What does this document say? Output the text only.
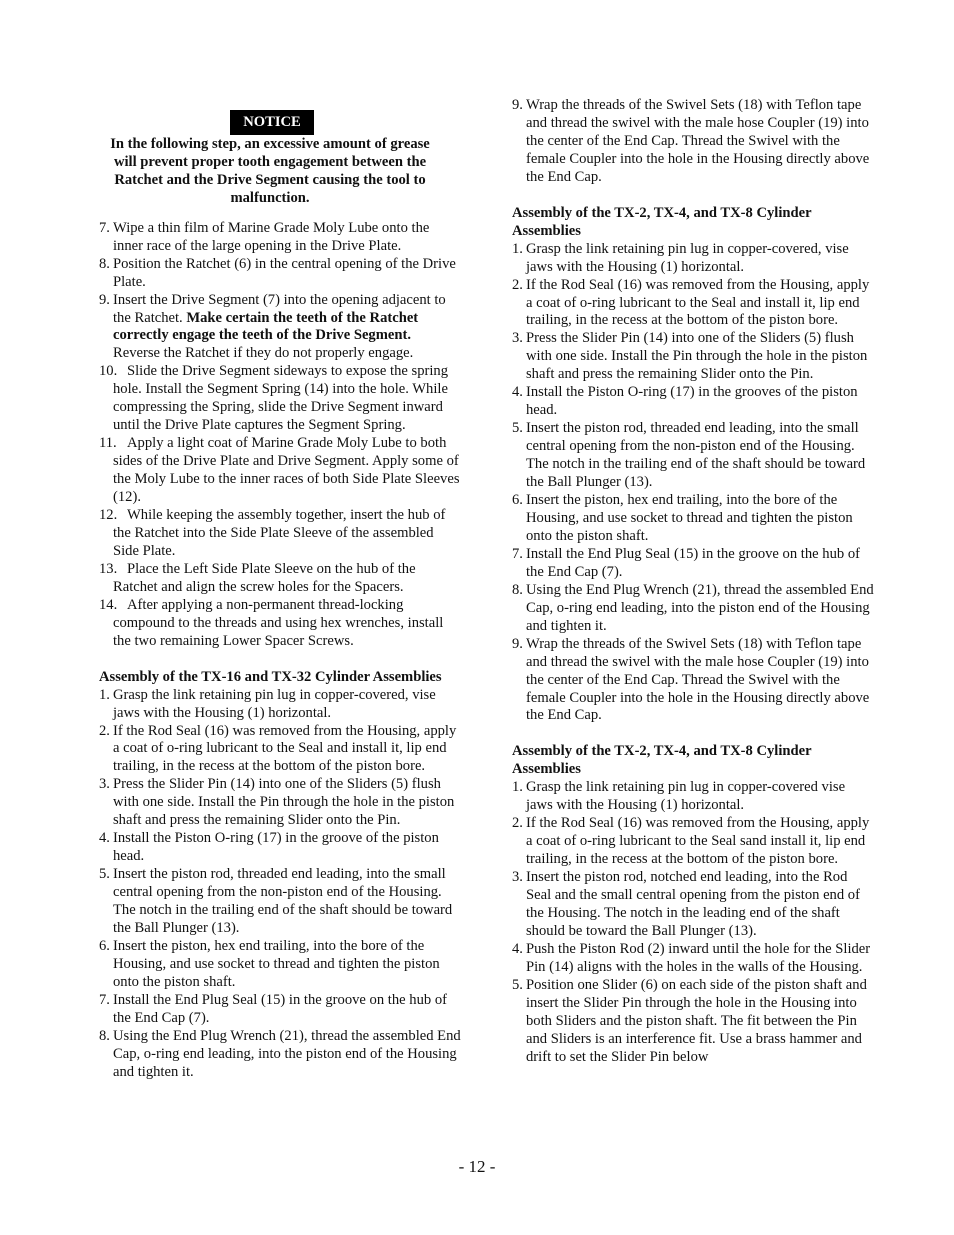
NOTICE

In the following step, an excessive amount of grease will prevent proper tooth engagement between the Ratchet and the Drive Segment causing the tool to malfunction.

7. Wipe a thin film of Marine Grade Moly Lube onto the inner race of the large opening in the Drive Plate.
8. Position the Ratchet (6) in the central opening of the Drive Plate.
9. Insert the Drive Segment (7) into the opening adjacent to the Ratchet. Make certain the teeth of the Ratchet correctly engage the teeth of the Drive Segment. Reverse the Ratchet if they do not properly engage.
10. Slide the Drive Segment sideways to expose the spring hole. Install the Segment Spring (14) into the hole. While compressing the Spring, slide the Drive Segment inward until the Drive Plate captures the Segment Spring.
11. Apply a light coat of Marine Grade Moly Lube to both sides of the Drive Plate and Drive Segment. Apply some of the Moly Lube to the inner races of both Side Plate Sleeves (12).
12. While keeping the assembly together, insert the hub of the Ratchet into the Side Plate Sleeve of the assembled Side Plate.
13. Place the Left Side Plate Sleeve on the hub of the Ratchet and align the screw holes for the Spacers.
14. After applying a non-permanent thread-locking compound to the threads and using hex wrenches, install the two remaining Lower Spacer Screws.

Assembly of the TX-16 and TX-32 Cylinder Assemblies

1. Grasp the link retaining pin lug in copper-covered, vise jaws with the Housing (1) horizontal.
2. If the Rod Seal (16) was removed from the Housing, apply a coat of o-ring lubricant to the Seal and install it, lip end trailing, in the recess at the bottom of the piston bore.
3. Press the Slider Pin (14) into one of the Sliders (5) flush with one side. Install the Pin through the hole in the piston shaft and press the remaining Slider onto the Pin.
4. Install the Piston O-ring (17) in the groove of the piston head.
5. Insert the piston rod, threaded end leading, into the small central opening from the non-piston end of the Housing. The notch in the trailing end of the shaft should be toward the Ball Plunger (13).
6. Insert the piston, hex end trailing, into the bore of the Housing, and use socket to thread and tighten the piston onto the piston shaft.
7. Install the End Plug Seal (15) in the groove on the hub of the End Cap (7).
8. Using the End Plug Wrench (21), thread the assembled End Cap, o-ring end leading, into the piston end of the Housing and tighten it.
9. Wrap the threads of the Swivel Sets (18) with Teflon tape and thread the swivel with the male hose Coupler (19) into the center of the End Cap. Thread the Swivel with the female Coupler into the hole in the Housing directly above the End Cap.

Assembly of the TX-2, TX-4, and TX-8 Cylinder Assemblies

1. Grasp the link retaining pin lug in copper-covered, vise jaws with the Housing (1) horizontal.
2. If the Rod Seal (16) was removed from the Housing, apply a coat of o-ring lubricant to the Seal and install it, lip end trailing, in the recess at the bottom of the piston bore.
3. Press the Slider Pin (14) into one of the Sliders (5) flush with one side. Install the Pin through the hole in the piston shaft and press the remaining Slider onto the Pin.
4. Install the Piston O-ring (17) in the grooves of the piston head.
5. Insert the piston rod, threaded end leading, into the small central opening from the non-piston end of the Housing. The notch in the trailing end of the shaft should be toward the Ball Plunger (13).
6. Insert the piston, hex end trailing, into the bore of the Housing, and use socket to thread and tighten the piston onto the piston shaft.
7. Install the End Plug Seal (15) in the groove on the hub of the End Cap (7).
8. Using the End Plug Wrench (21), thread the assembled End Cap, o-ring end leading, into the piston end of the Housing and tighten it.
9. Wrap the threads of the Swivel Sets (18) with Teflon tape and thread the swivel with the male hose Coupler (19) into the center of the End Cap. Thread the Swivel with the female Coupler into the hole in the Housing directly above the End Cap.

Assembly of the TX-2, TX-4, and TX-8 Cylinder Assemblies

1. Grasp the link retaining pin lug in copper-covered vise jaws with the Housing (1) horizontal.
2. If the Rod Seal (16) was removed from the Housing, apply a coat of o-ring lubricant to the Seal sand install it, lip end trailing, in the recess at the bottom of the piston bore.
3. Insert the piston rod, notched end leading, into the Rod Seal and the small central opening from the piston end of the Housing. The notch in the leading end of the shaft should be toward the Ball Plunger (13).
4. Push the Piston Rod (2) inward until the hole for the Slider Pin (14) aligns with the holes in the walls of the Housing.
5. Position one Slider (6) on each side of the piston shaft and insert the Slider Pin through the hole in the Housing into both Sliders and the piston shaft. The fit between the Pin and Sliders is an interference fit. Use a brass hammer and drift to set the Slider Pin below
- 12 -
